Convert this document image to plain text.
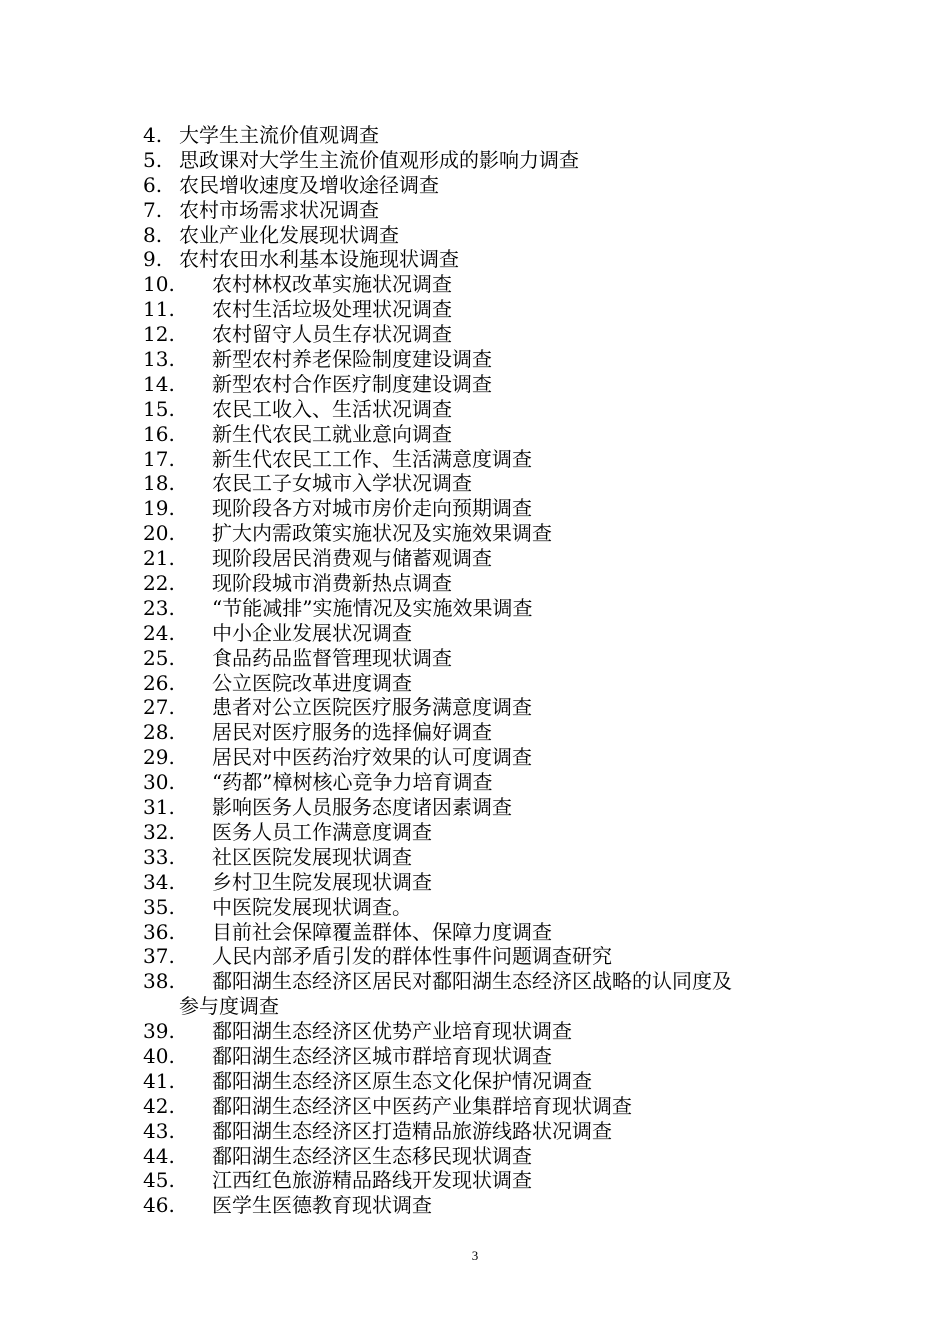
4. 大学生主流价值观调查
5. 思政课对大学生主流价值观形成的影响力调查
6. 农民增收速度及增收途径调查
7. 农村市场需求状况调查
8. 农业产业化发展现状调查
9. 农村农田水利基本设施现状调查
10.	农村林权改革实施状况调查
11.	农村生活垃圾处理状况调查
12.	农村留守人员生存状况调查
13.	新型农村养老保险制度建设调查
14.	新型农村合作医疗制度建设调查
15.	农民工收入、生活状况调查
16.	新生代农民工就业意向调查
17.	新生代农民工工作、生活满意度调查
18.	农民工子女城市入学状况调查
19.	现阶段各方对城市房价走向预期调查
20.	扩大内需政策实施状况及实施效果调查
21.	现阶段居民消费观与储蓄观调查
22.	现阶段城市消费新热点调查
23.	“节能减排”实施情况及实施效果调查
24.	中小企业发展状况调查
25.	食品药品监督管理现状调查
26.	公立医院改革进度调查
27.	患者对公立医院医疗服务满意度调查
28.	居民对医疗服务的选择偏好调查
29.	居民对中医药治疗效果的认可度调查
30.	“药都”樟树核心竞争力培育调查
31.	影响医务人员服务态度诸因素调查
32.	医务人员工作满意度调查
33.	社区医院发展现状调查
34.	乡村卫生院发展现状调查
35.	中医院发展现状调查。
36.	目前社会保障覆盖群体、保障力度调查
37.	人民内部矛盾引发的群体性事件问题调查研究
38.	鄱阳湖生态经济区居民对鄱阳湖生态经济区战略的认同度及
参与度调查
39.	鄱阳湖生态经济区优势产业培育现状调查
40.	鄱阳湖生态经济区城市群培育现状调查
41.	鄱阳湖生态经济区原生态文化保护情况调查
42.	鄱阳湖生态经济区中医药产业集群培育现状调查
43.	鄱阳湖生态经济区打造精品旅游线路状况调查
44.	鄱阳湖生态经济区生态移民现状调查
45.	江西红色旅游精品路线开发现状调查
46.	医学生医德教育现状调查
3
